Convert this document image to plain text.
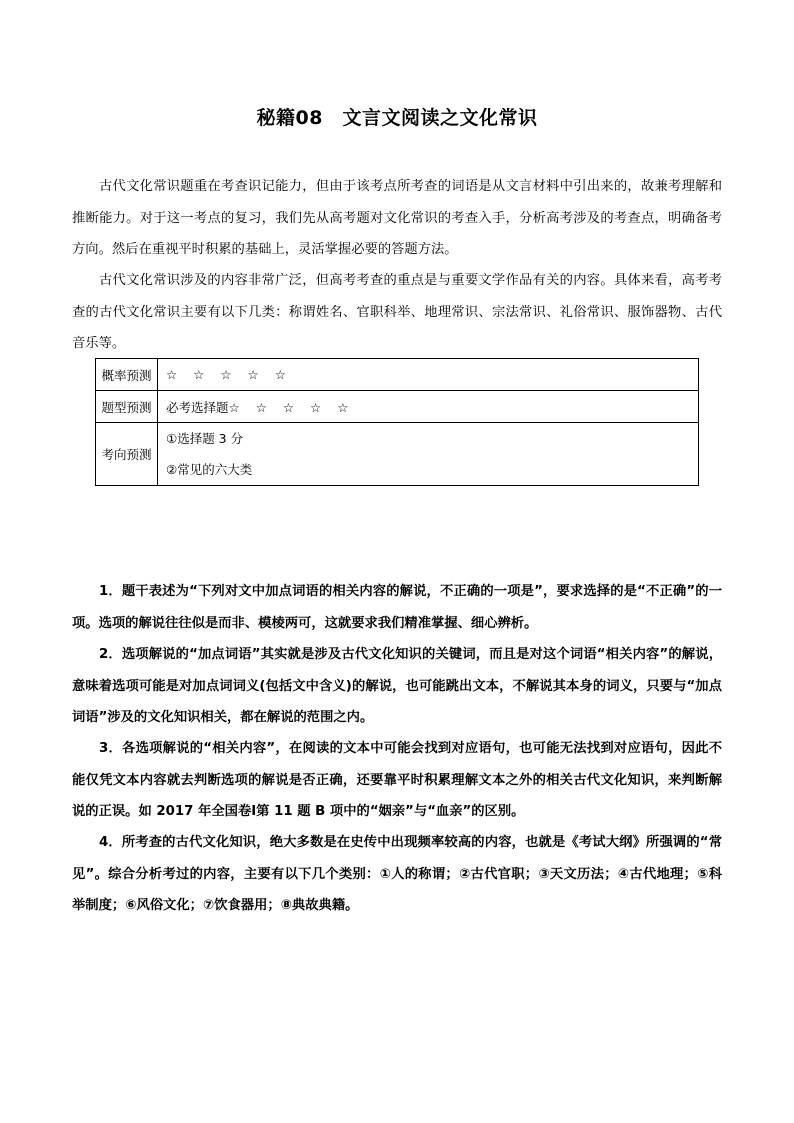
秘籍08　文言文阅读之文化常识
古代文化常识题重在考查识记能力，但由于该考点所考查的词语是从文言材料中引出来的，故兼考理解和推断能力。对于这一考点的复习，我们先从高考题对文化常识的考查入手，分析高考涉及的考查点，明确备考方向。然后在重视平时积累的基础上，灵活掌握必要的答题方法。
古代文化常识涉及的内容非常广泛，但高考考查的重点是与重要文学作品有关的内容。具体来看，高考考查的古代文化常识主要有以下几类：称谓姓名、官职科举、地理常识、宗法常识、礼俗常识、服饰器物、古代音乐等。
概率预测	☆ ☆ ☆ ☆ ☆
题型预测	必考选择题☆ ☆ ☆ ☆ ☆
考向预测	①选择题 3 分
②常见的六大类
1．题干表述为“下列对文中加点词语的相关内容的解说，不正确的一项是”，要求选择的是“不正确”的一项。选项的解说往往似是而非、模棱两可，这就要求我们精准掌握、细心辨析。
2．选项解说的“加点词语”其实就是涉及古代文化知识的关键词，而且是对这个词语“相关内容”的解说，意味着选项可能是对加点词词义(包括文中含义)的解说，也可能跳出文本，不解说其本身的词义，只要与“加点词语”涉及的文化知识相关，都在解说的范围之内。
3．各选项解说的“相关内容”，在阅读的文本中可能会找到对应语句，也可能无法找到对应语句，因此不能仅凭文本内容就去判断选项的解说是否正确，还要靠平时积累理解文本之外的相关古代文化知识，来判断解说的正误。如 2017 年全国卷Ⅰ第 11 题 B 项中的“姻亲”与“血亲”的区别。
4．所考查的古代文化知识，绝大多数是在史传中出现频率较高的内容，也就是《考试大纲》所强调的“常见”。综合分析考过的内容，主要有以下几个类别：①人的称谓；②古代官职；③天文历法；④古代地理；⑤科举制度；⑥风俗文化；⑦饮食器用；⑧典故典籍。
